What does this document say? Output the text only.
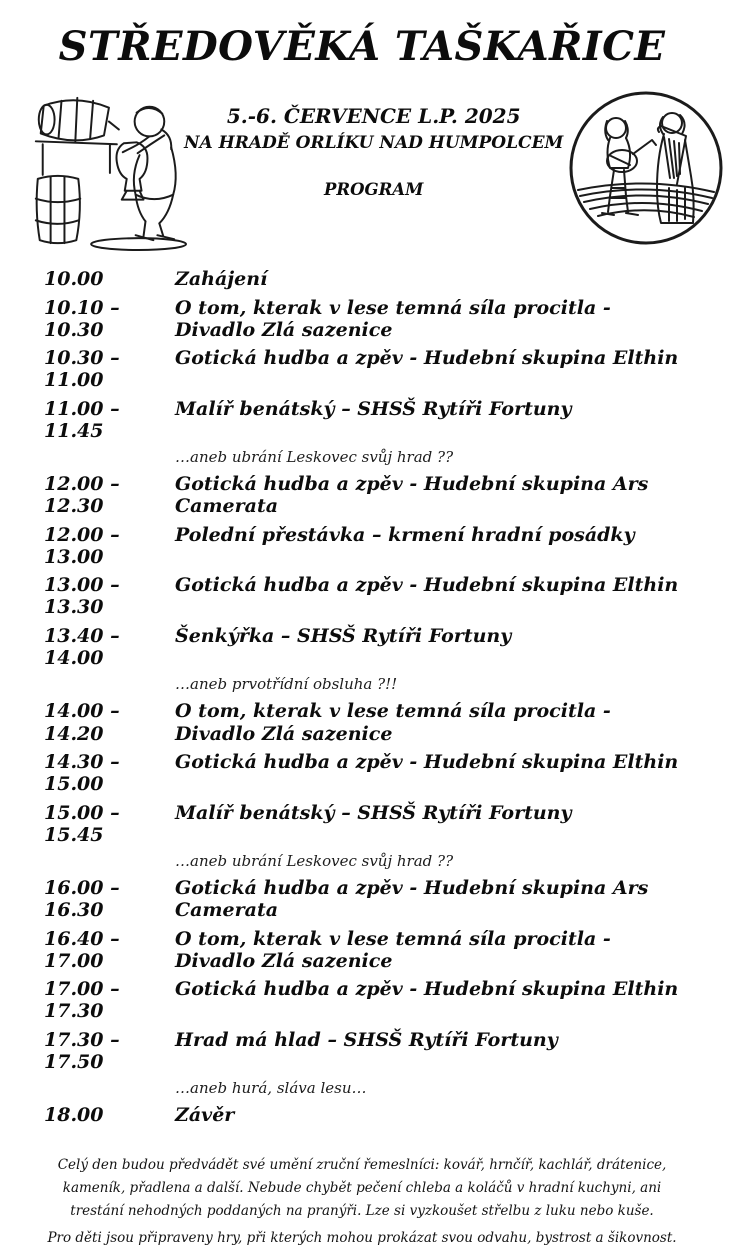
STŘEDOVĚKÁ TAŠKAŘICE
5.-6. ČERVENCE L.P. 2025
NA HRADĚ ORLÍKU NAD HUMPOLCEM
PROGRAM
10.00	Zahájení
10.10 – 10.30
O tom, kterak v lese temná síla procitla - Divadlo Zlá sazenice
10.30 – 11.00
Gotická hudba a zpěv - Hudební skupina Elthin
11.00 – 11.45
Malíř benátský – SHSŠ Rytíři Fortuny
…aneb ubrání Leskovec svůj hrad ??
12.00 – 12.30
Gotická hudba a zpěv - Hudební skupina Ars Camerata
12.00 – 13.00
Polední přestávka – krmení hradní posádky
13.00 – 13.30
Gotická hudba a zpěv - Hudební skupina Elthin
13.40 – 14.00
Šenkýřka – SHSŠ Rytíři Fortuny
…aneb prvotřídní obsluha ?!!
14.00 – 14.20
O tom, kterak v lese temná síla procitla - Divadlo Zlá sazenice
14.30 – 15.00
Gotická hudba a zpěv - Hudební skupina Elthin
15.00 – 15.45
Malíř benátský – SHSŠ Rytíři Fortuny
…aneb ubrání Leskovec svůj hrad ??
16.00 – 16.30
Gotická hudba a zpěv - Hudební skupina Ars Camerata
16.40 – 17.00
O tom, kterak v lese temná síla procitla - Divadlo Zlá sazenice
17.00 – 17.30
Gotická hudba a zpěv - Hudební skupina Elthin
17.30 – 17.50
Hrad má hlad – SHSŠ Rytíři Fortuny
…aneb hurá, sláva lesu…
18.00	Závěr

Celý den budou předvádět své umění zruční řemeslníci: kovář, hrnčíř, kachlář, drátenice, kameník, přadlena a další. Nebude chybět pečení chleba a koláčů v hradní kuchyni, ani trestání nehodných poddaných na pranýři. Lze si vyzkoušet střelbu z luku nebo kuše.

Pro děti jsou připraveny hry, při kterých mohou prokázat svou odvahu, bystrost a šikovnost.
